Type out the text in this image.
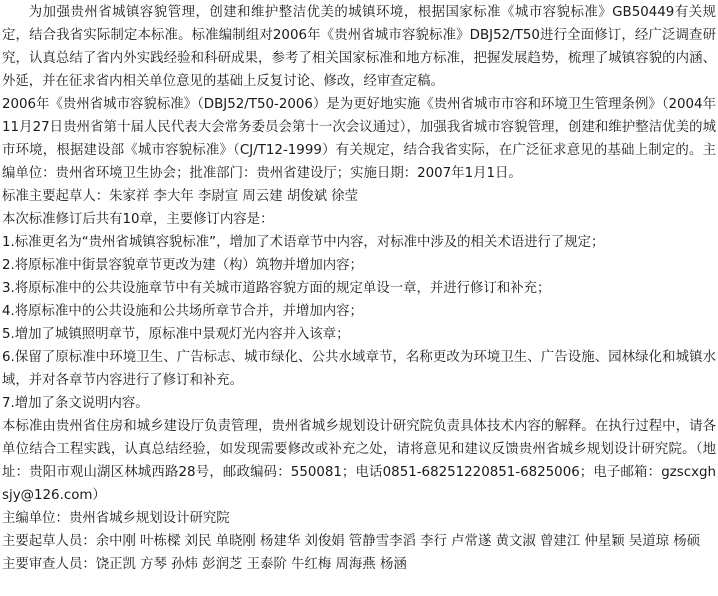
为加强贵州省城镇容貌管理，创建和维护整洁优美的城镇环境，根据国家标准《城市容貌标准》GB50449有关规定，结合我省实际制定本标准。标准编制组对2006年《贵州省城市容貌标准》DBJ52/T50进行全面修订，经广泛调查研究，认真总结了省内外实践经验和科研成果，参考了相关国家标准和地方标准，把握发展趋势，梳理了城镇容貌的内涵、外延，并在征求省内相关单位意见的基础上反复讨论、修改，经审查定稿。

2006年《贵州省城市容貌标准》（DBJ52/T50-2006）是为更好地实施《贵州省城市市容和环境卫生管理条例》（2004年11月27日贵州省第十届人民代表大会常务委员会第十一次会议通过），加强我省城市容貌管理，创建和维护整洁优美的城市环境，根据建设部《城市容貌标准》（CJ/T12-1999）有关规定，结合我省实际，在广泛征求意见的基础上制定的。主编单位：贵州省环境卫生协会；批准部门：贵州省建设厅；实施日期：2007年1月1日。

标准主要起草人：朱家祥 李大年 李尉宣 周云建 胡俊斌 徐莹

本次标准修订后共有10章，主要修订内容是：

1.标准更名为“贵州省城镇容貌标准”，增加了术语章节中内容，对标准中涉及的相关术语进行了规定；

2.将原标准中街景容貌章节更改为建（构）筑物并增加内容；

3.将原标准中的公共设施章节中有关城市道路容貌方面的规定单设一章，并进行修订和补充；

4.将原标准中的公共设施和公共场所章节合并，并增加内容；

5.增加了城镇照明章节，原标准中景观灯光内容并入该章；

6.保留了原标准中环境卫生、广告标志、城市绿化、公共水域章节，名称更改为环境卫生、广告设施、园林绿化和城镇水域，并对各章节内容进行了修订和补充。

7.增加了条文说明内容。

本标准由贵州省住房和城乡建设厅负责管理，贵州省城乡规划设计研究院负责具体技术内容的解释。在执行过程中，请各单位结合工程实践，认真总结经验，如发现需要修改或补充之处，请将意见和建议反馈贵州省城乡规划设计研究院。（地址：贵阳市观山湖区林城西路28号，邮政编码：550081；电话0851-68251220851-6825006；电子邮箱：gzscxghsjy@126.com）

主编单位：贵州省城乡规划设计研究院

主要起草人员：余中刚 叶栋樑 刘民 单晓刚 杨建华 刘俊娟 管静雪李滔 李行 卢常遂 黄文淑 曾建江 仲星颖 吴道琼 杨硕

主要审查人员：饶正凯 方琴 孙炜 彭润芝 王泰阶 牛红梅 周海燕 杨涵
